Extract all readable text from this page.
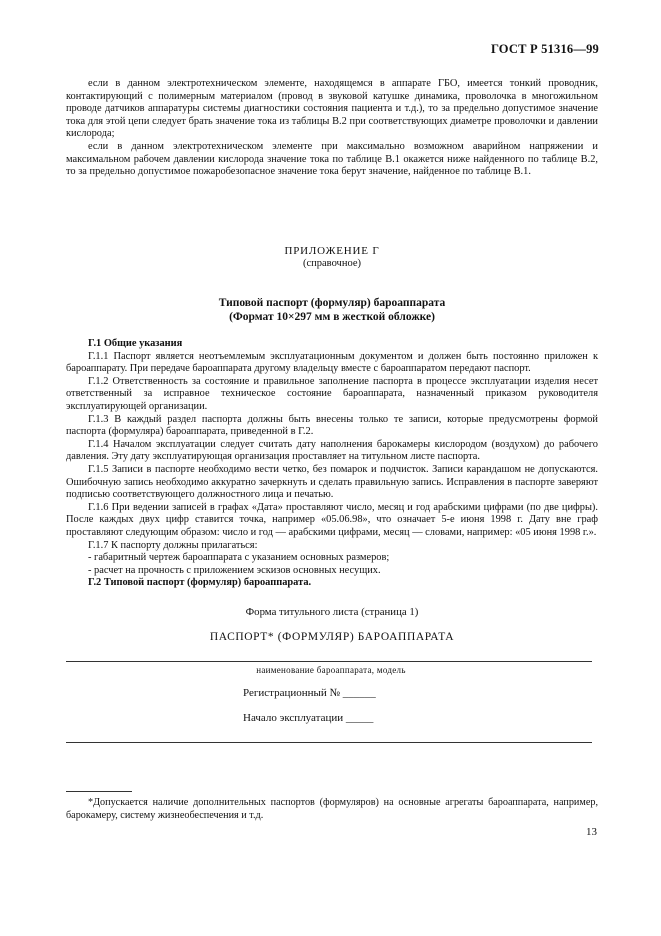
ГОСТ Р 51316—99

если в данном электротехническом элементе, находящемся в аппарате ГБО, имеется тонкий проводник, контактирующий с полимерным материалом (провод в звуковой катушке динамика, проволочка в многожильном проводе датчиков аппаратуры системы диагностики состояния пациента и т.д.), то за предельно допустимое значение тока для этой цепи следует брать значение тока из таблицы В.2 при соответствующих диаметре проволочки и давлении кислорода;

если в данном электротехническом элементе при максимально возможном аварийном напряжении и максимальном рабочем давлении кислорода значение тока по таблице В.1 окажется ниже найденного по таблице В.2, то за предельно допустимое пожаробезопасное значение тока берут значение, найденное по таблице В.1.

ПРИЛОЖЕНИЕ Г
(справочное)
Типовой паспорт (формуляр) бароаппарата
(Формат 10×297 мм в жесткой обложке)

Г.1 Общие указания

Г.1.1 Паспорт является неотъемлемым эксплуатационным документом и должен быть постоянно приложен к бароаппарату. При передаче бароаппарата другому владельцу вместе с бароаппаратом передают паспорт.

Г.1.2 Ответственность за состояние и правильное заполнение паспорта в процессе эксплуатации изделия несет ответственный за исправное техническое состояние бароаппарата, назначенный приказом руководителя эксплуатирующей организации.

Г.1.3 В каждый раздел паспорта должны быть внесены только те записи, которые предусмотрены формой паспорта (формуляра) бароаппарата, приведенной в Г.2.

Г.1.4 Началом эксплуатации следует считать дату наполнения барокамеры кислородом (воздухом) до рабочего давления. Эту дату эксплуатирующая организация проставляет на титульном листе паспорта.

Г.1.5 Записи в паспорте необходимо вести четко, без помарок и подчисток. Записи карандашом не допускаются. Ошибочную запись необходимо аккуратно зачеркнуть и сделать правильную запись. Исправления в паспорте заверяют подписью соответствующего должностного лица и печатью.

Г.1.6 При ведении записей в графах «Дата» проставляют число, месяц и год арабскими цифрами (по две цифры). После каждых двух цифр ставится точка, например «05.06.98», что означает 5-е июня 1998 г. Дату вне граф проставляют следующим образом: число и год — арабскими цифрами, месяц — словами, например: «05 июня 1998 г.».

Г.1.7 К паспорту должны прилагаться:

- габаритный чертеж бароаппарата с указанием основных размеров;

- расчет на прочность с приложением эскизов основных несущих.

Г.2 Типовой паспорт (формуляр) бароаппарата.

Форма титульного листа (страница 1)
ПАСПОРТ* (ФОРМУЛЯР) БАРОАППАРАТА
наименование бароаппарата, модель
Регистрационный № ______
Начало эксплуатации _____

*Допускается наличие дополнительных паспортов (формуляров) на основные агрегаты бароаппарата, например, барокамеру, систему жизнеобеспечения и т.д.

13
